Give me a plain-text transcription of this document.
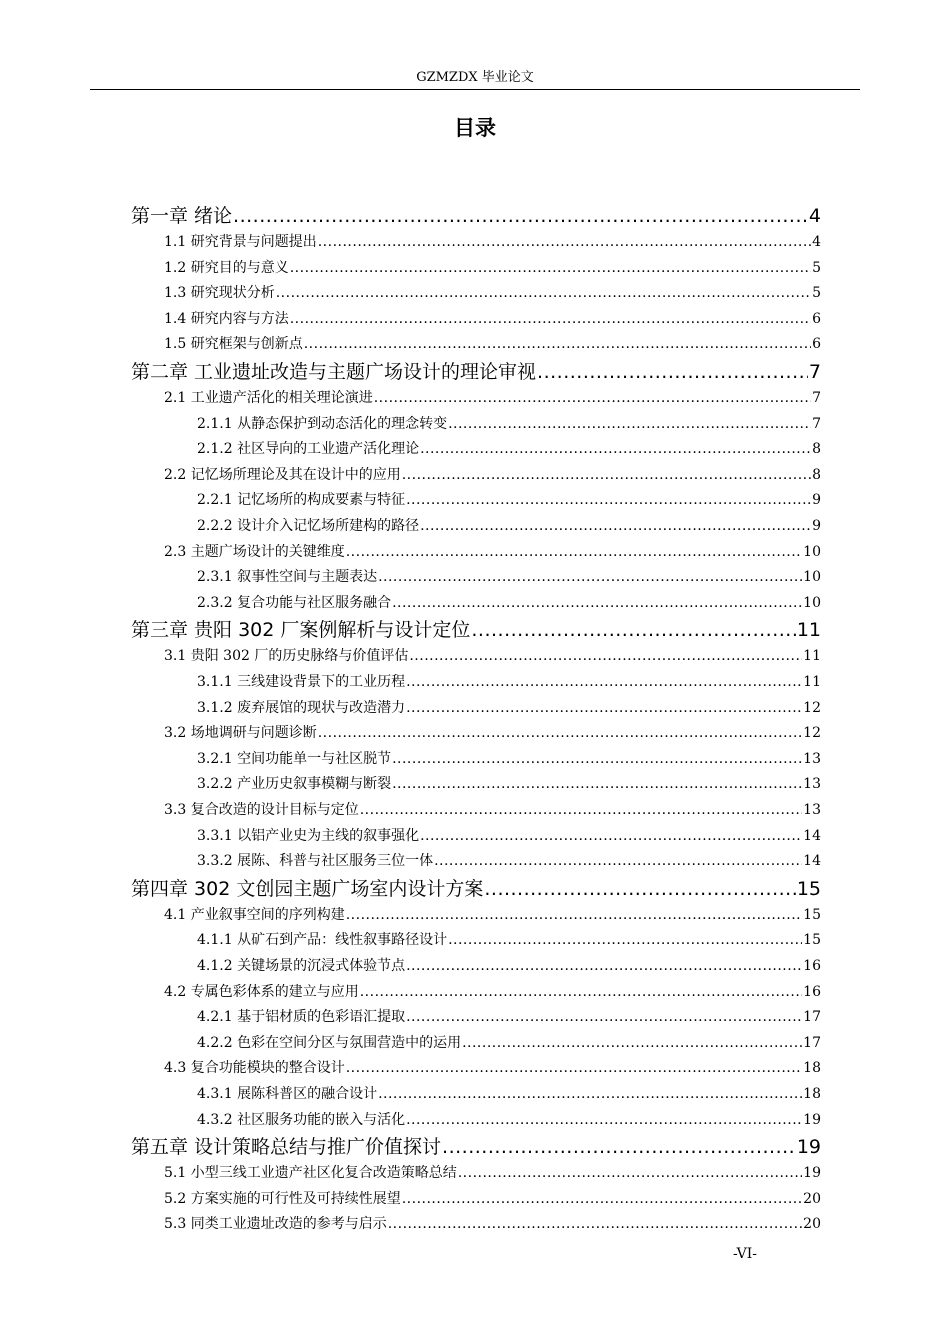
GZMZDX 毕业论文
目录
第一章 绪论 .....	4
1.1 研究背景与问题提出 .....	4
1.2 研究目的与意义 .....	5
1.3 研究现状分析 .....	5
1.4 研究内容与方法 .....	6
1.5 研究框架与创新点 .....	6
第二章 工业遗址改造与主题广场设计的理论审视 .....	7
2.1 工业遗产活化的相关理论演进 .....	7
2.1.1 从静态保护到动态活化的理念转变 .....	7
2.1.2 社区导向的工业遗产活化理论 .....	8
2.2 记忆场所理论及其在设计中的应用 .....	8
2.2.1 记忆场所的构成要素与特征 .....	9
2.2.2 设计介入记忆场所建构的路径 .....	9
2.3 主题广场设计的关键维度 .....	10
2.3.1 叙事性空间与主题表达 .....	10
2.3.2 复合功能与社区服务融合 .....	10
第三章 贵阳 302 厂案例解析与设计定位 .....	11
3.1 贵阳 302 厂的历史脉络与价值评估 .....	11
3.1.1 三线建设背景下的工业历程 .....	11
3.1.2 废弃展馆的现状与改造潜力 .....	12
3.2 场地调研与问题诊断 .....	12
3.2.1 空间功能单一与社区脱节 .....	13
3.2.2 产业历史叙事模糊与断裂 .....	13
3.3 复合改造的设计目标与定位 .....	13
3.3.1 以铝产业史为主线的叙事强化 .....	14
3.3.2 展陈、科普与社区服务三位一体 .....	14
第四章 302 文创园主题广场室内设计方案 .....	15
4.1 产业叙事空间的序列构建 .....	15
4.1.1 从矿石到产品：线性叙事路径设计 .....	15
4.1.2 关键场景的沉浸式体验节点 .....	16
4.2 专属色彩体系的建立与应用 .....	16
4.2.1 基于铝材质的色彩语汇提取 .....	17
4.2.2 色彩在空间分区与氛围营造中的运用 .....	17
4.3 复合功能模块的整合设计 .....	18
4.3.1 展陈科普区的融合设计 .....	18
4.3.2 社区服务功能的嵌入与活化 .....	19
第五章 设计策略总结与推广价值探讨 .....	19
5.1 小型三线工业遗产社区化复合改造策略总结 .....	19
5.2 方案实施的可行性及可持续性展望 .....	20
5.3 同类工业遗址改造的参考与启示 .....	20
-VI-
